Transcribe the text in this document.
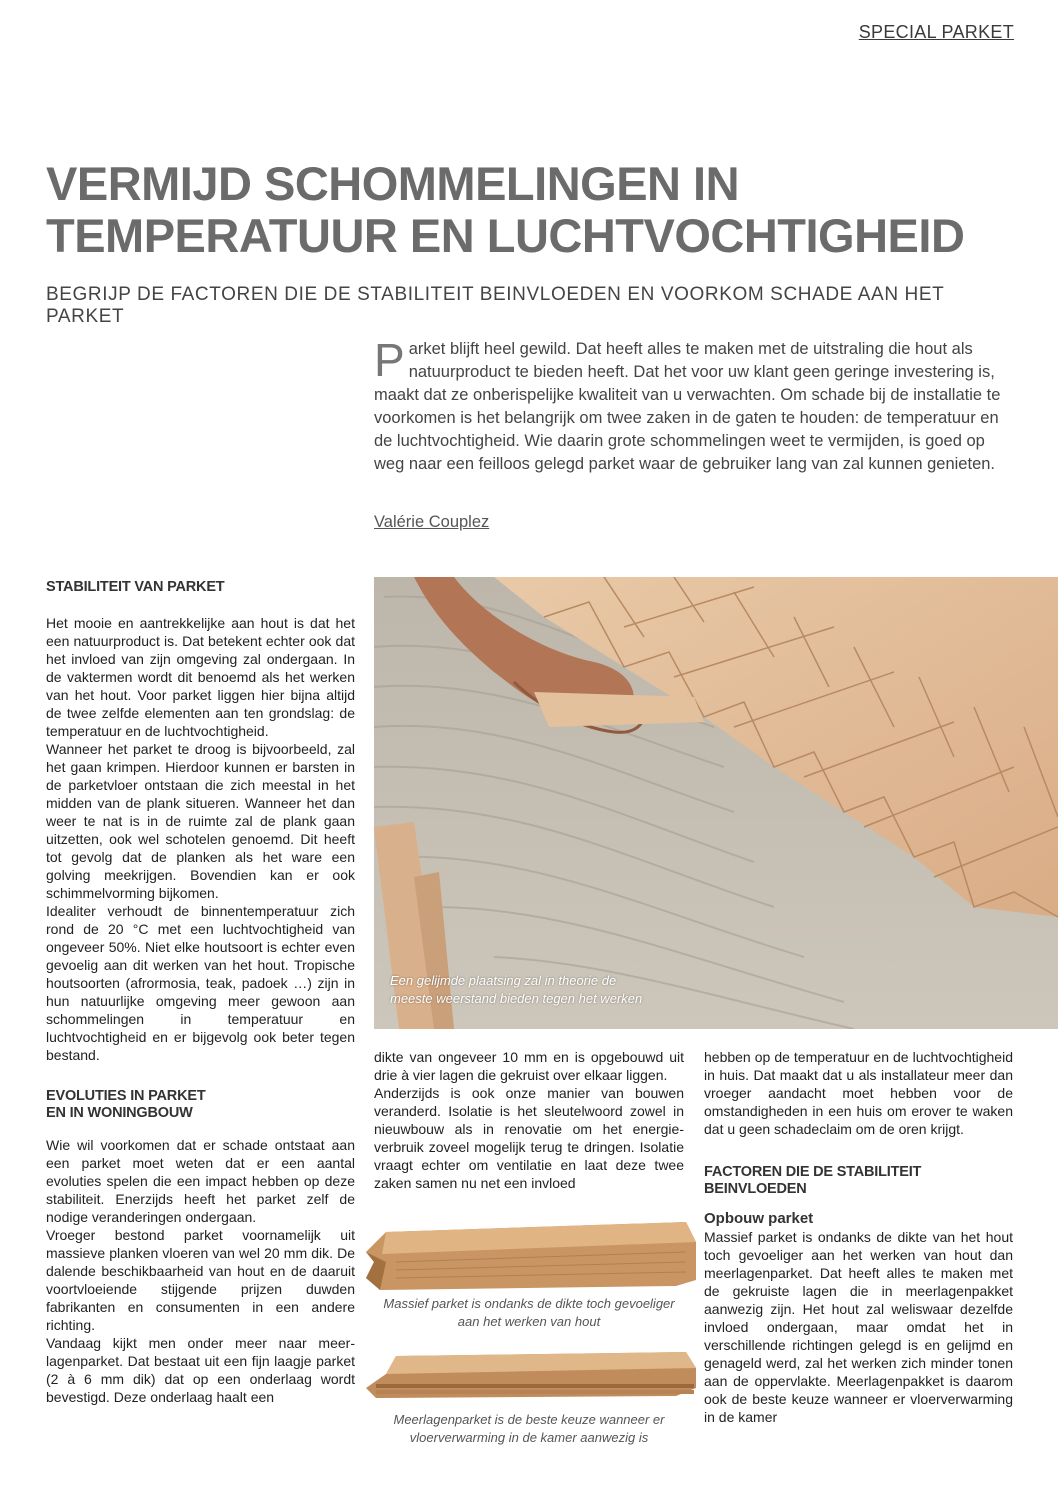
SPECIAL PARKET
VERMIJD SCHOMMELINGEN IN
TEMPERATUUR EN LUCHTVOCHTIGHEID
BEGRIJP DE FACTOREN DIE DE STABILITEIT BEINVLOEDEN EN VOORKOM SCHADE AAN HET PARKET
Parket blijft heel gewild. Dat heeft alles te maken met de uitstraling die hout als natuurproduct te bieden heeft. Dat het voor uw klant geen geringe investering is, maakt dat ze onberispelijke kwaliteit van u verwachten. Om schade bij de installatie te voorkomen is het belangrijk om twee zaken in de gaten te houden: de temperatuur en de luchtvochtigheid. Wie daarin grote schommelingen weet te vermijden, is goed op weg naar een feilloos gelegd parket waar de gebruiker lang van zal kunnen genieten.
Valérie Couplez
STABILITEIT VAN PARKET

Het mooie en aantrekkelijke aan hout is dat het een natuurproduct is. Dat betekent echter ook dat het invloed van zijn omgeving zal ondergaan. In de vaktermen wordt dit benoemd als het werken van het hout. Voor parket liggen hier bijna altijd de twee zelfde elementen aan ten grondslag: de temperatuur en de luchtvochtigheid.

Wanneer het parket te droog is bijvoorbeeld, zal het gaan krimpen. Hierdoor kunnen er barsten in de parketvloer ontstaan die zich meestal in het midden van de plank situeren. Wanneer het dan weer te nat is in de ruimte zal de plank gaan uitzetten, ook wel schotelen genoemd. Dit heeft tot gevolg dat de planken als het ware een golving meekrijgen. Bovendien kan er ook schimmelvorming bijkomen.

Idealiter verhoudt de binnentemperatuur zich rond de 20 °C met een luchtvochtigheid van ongeveer 50%. Niet elke houtsoort is echter even gevoelig aan dit werken van het hout. Tropische houtsoorten (afrormosia, teak, padoek …) zijn in hun natuurlijke omgeving meer gewoon aan schommelingen in temperatuur en luchtvochtigheid en er bijgevolg ook beter tegen bestand.

EVOLUTIES IN PARKET
EN IN WONINGBOUW

Wie wil voorkomen dat er schade ontstaat aan een parket moet weten dat er een aantal evoluties spelen die een impact hebben op deze stabiliteit. Enerzijds heeft het parket zelf de nodige veranderingen ondergaan.

Vroeger bestond parket voornamelijk uit massieve planken vloeren van wel 20 mm dik. De dalende beschikbaarheid van hout en de daaruit voortvloeiende stijgende prijzen duwden fabrikanten en consumenten in een andere richting.

Vandaag kijkt men onder meer naar meerlagenparket. Dat bestaat uit een fijn laagje parket (2 à 6 mm dik) dat op een onderlaag wordt bevestigd. Deze onderlaag haalt een

Een gelijmde plaatsing zal in theorie de
meeste weerstand bieden tegen het werken

dikte van ongeveer 10 mm en is opgebouwd uit drie à vier lagen die gekruist over elkaar liggen.

Anderzijds is ook onze manier van bouwen veranderd. Isolatie is het sleutelwoord zowel in nieuwbouw als in renovatie om het energieverbruik zoveel mogelijk terug te dringen. Isolatie vraagt echter om ventilatie en laat deze twee zaken samen nu net een invloed

Massief parket is ondanks de dikte toch gevoeliger
aan het werken van hout
Meerlagenparket is de beste keuze wanneer er
vloerverwarming in de kamer aanwezig is

hebben op de temperatuur en de luchtvochtigheid in huis. Dat maakt dat u als installateur meer dan vroeger aandacht moet hebben voor de omstandigheden in een huis om erover te waken dat u geen schadeclaim om de oren krijgt.

FACTOREN DIE DE STABILITEIT
BEINVLOEDEN
Opbouw parket

Massief parket is ondanks de dikte van het hout toch gevoeliger aan het werken van hout dan meerlagenparket. Dat heeft alles te maken met de gekruiste lagen die in meerlagenpakket aanwezig zijn. Het hout zal weliswaar dezelfde invloed ondergaan, maar omdat het in verschillende richtingen gelegd is en gelijmd en genageld werd, zal het werken zich minder tonen aan de oppervlakte. Meerlagenpakket is daarom ook de beste keuze wanneer er vloerverwarming in de kamer
